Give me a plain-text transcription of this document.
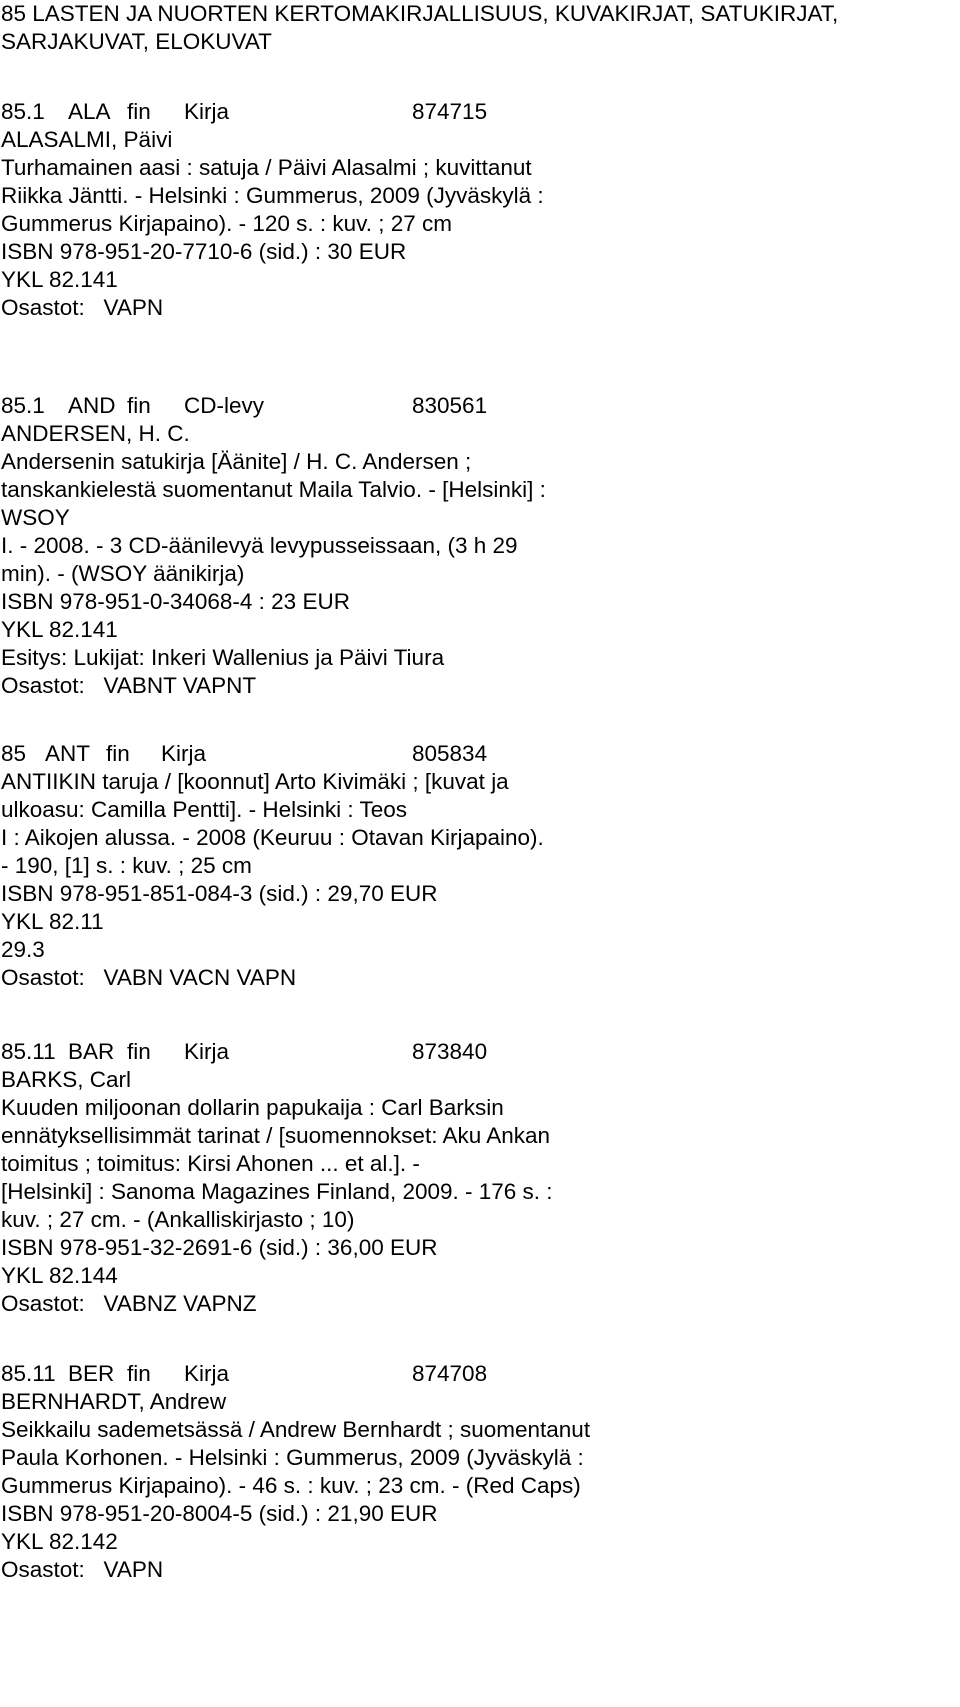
85 LASTEN JA NUORTEN KERTOMAKIRJALLISUUS, KUVAKIRJAT, SATUKIRJAT,
SARJAKUVAT, ELOKUVAT
85.1 ALA fin Kirja	874715
ALASALMI, Päivi
Turhamainen aasi : satuja / Päivi Alasalmi ; kuvittanut
Riikka Jäntti. - Helsinki : Gummerus, 2009 (Jyväskylä :
Gummerus Kirjapaino). - 120 s. : kuv. ; 27 cm
ISBN 978-951-20-7710-6 (sid.) : 30 EUR
YKL 82.141
Osastot:   VAPN
85.1 AND fin CD-levy	830561
ANDERSEN, H. C.
Andersenin satukirja [Äänite] / H. C. Andersen ;
tanskankielestä suomentanut Maila Talvio. - [Helsinki] :
WSOY
I. - 2008. - 3 CD-äänilevyä levypusseissaan, (3 h 29
min). - (WSOY äänikirja)
ISBN 978-951-0-34068-4 : 23 EUR
YKL 82.141
Esitys: Lukijat: Inkeri Wallenius ja Päivi Tiura
Osastot:   VABNT VAPNT
85 ANT fin Kirja	805834
ANTIIKIN taruja / [koonnut] Arto Kivimäki ; [kuvat ja
ulkoasu: Camilla Pentti]. - Helsinki : Teos
I : Aikojen alussa. - 2008 (Keuruu : Otavan Kirjapaino).
- 190, [1] s. : kuv. ; 25 cm
ISBN 978-951-851-084-3 (sid.) : 29,70 EUR
YKL 82.11
29.3
Osastot:   VABN VACN VAPN
85.11 BAR fin Kirja	873840
BARKS, Carl
Kuuden miljoonan dollarin papukaija : Carl Barksin
ennätyksellisimmät tarinat / [suomennokset: Aku Ankan
toimitus ; toimitus: Kirsi Ahonen ... et al.]. -
[Helsinki] : Sanoma Magazines Finland, 2009. - 176 s. :
kuv. ; 27 cm. - (Ankalliskirjasto ; 10)
ISBN 978-951-32-2691-6 (sid.) : 36,00 EUR
YKL 82.144
Osastot:   VABNZ VAPNZ
85.11 BER fin Kirja	874708
BERNHARDT, Andrew
Seikkailu sademetsässä / Andrew Bernhardt ; suomentanut
Paula Korhonen. - Helsinki : Gummerus, 2009 (Jyväskylä :
Gummerus Kirjapaino). - 46 s. : kuv. ; 23 cm. - (Red Caps)
ISBN 978-951-20-8004-5 (sid.) : 21,90 EUR
YKL 82.142
Osastot:   VAPN
